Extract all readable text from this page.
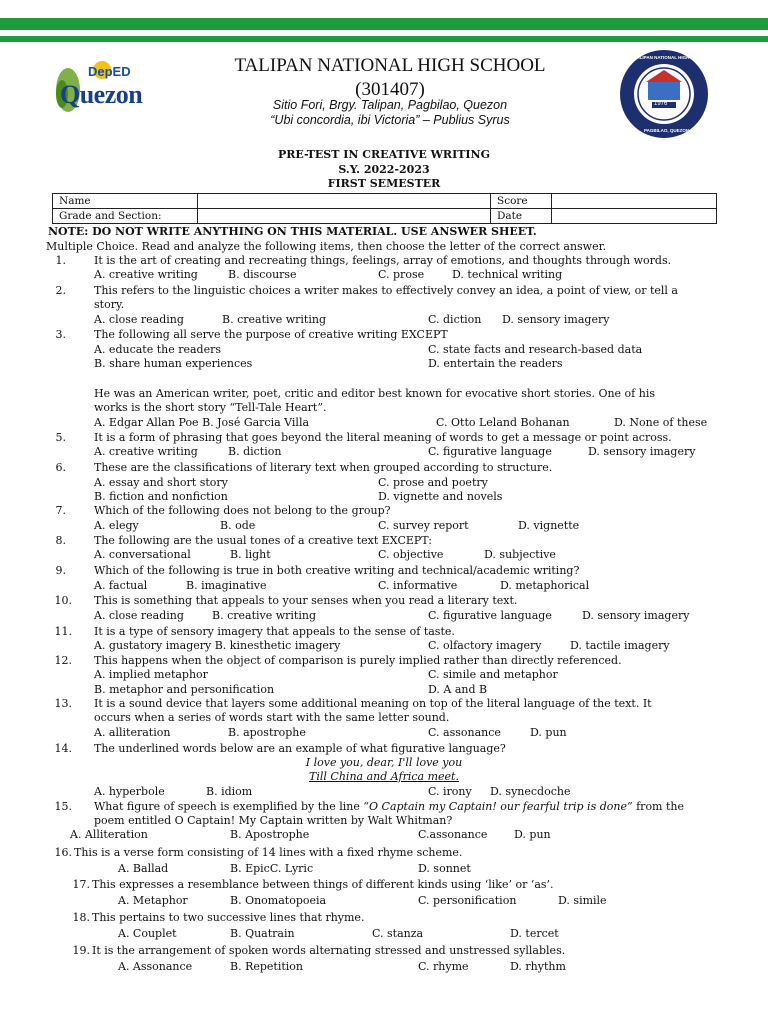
DepED
Quezon	1976
TALIPAN NATIONAL HIGH SCHOOL
PAGBILAO, QUEZON
TALIPAN NATIONAL HIGH SCHOOL
(301407)
Sitio Fori, Brgy. Talipan, Pagbilao, Quezon
“Ubi concordia, ibi Victoria” – Publius Syrus
PRE-TEST IN CREATIVE WRITING
S.Y. 2022-2023
FIRST SEMESTER
Name		Score	
Grade and Section:		Date	
NOTE: DO NOT WRITE ANYTHING ON THIS MATERIAL. USE ANSWER SHEET.
Multiple Choice. Read and analyze the following items, then choose the letter of the correct answer.
1.	It is the art of creating and recreating things, feelings, array of emotions, and thoughts through words.
A. creative writing	B. discourse	C. prose	D. technical writing
2.	This refers to the linguistic choices a writer makes to effectively convey an idea, a point of view, or tell a
story.
A. close reading	B. creative writing	C. diction D. sensory imagery
3.	The following all serve the purpose of creative writing EXCEPT
A. educate the readers	C. state facts and research-based data
B. share human experiences	D. entertain the readers
He was an American writer, poet, critic and editor best known for evocative short stories. One of his
works is the short story “Tell-Tale Heart”.
A. Edgar Allan Poe B. José Garcia Villa	C. Otto Leland Bohanan	D. None of these
5.	It is a form of phrasing that goes beyond the literal meaning of words to get a message or point across.
A. creative writing	B. diction	C. figurative language	D. sensory imagery
6.	These are the classifications of literary text when grouped according to structure.
A. essay and short story	C. prose and poetry
B. fiction and nonfiction	D. vignette and novels
7.	Which of the following does not belong to the group?
A. elegy	B. ode	C. survey report	D. vignette
8.	The following are the usual tones of a creative text EXCEPT:
A. conversational	B. light	C. objective	D. subjective
9.	Which of the following is true in both creative writing and technical/academic writing?
A. factual	B. imaginative	C. informative	D. metaphorical
10. This is something that appeals to your senses when you read a literary text.
A. close reading	B. creative writing	C. figurative language	D. sensory imagery
11. It is a type of sensory imagery that appeals to the sense of taste.
A. gustatory imagery B. kinesthetic imagery	C. olfactory imagery	D. tactile imagery
12. This happens when the object of comparison is purely implied rather than directly referenced.
A. implied metaphor	C. simile and metaphor
B. metaphor and personification	D. A and B
13. It is a sound device that layers some additional meaning on top of the literal language of the text. It
occurs when a series of words start with the same letter sound.
A. alliteration	B. apostrophe	C. assonance	D. pun
14. The underlined words below are an example of what figurative language?
I love you, dear, I'll love you
Till China and Africa meet.
A. hyperbole	B. idiom	C. irony D. synecdoche
15. What figure of speech is exemplified by the line “O Captain my Captain! our fearful trip is done” from the
poem entitled O Captain! My Captain written by Walt Whitman?
A. Alliteration	B. Apostrophe	C.assonance D. pun
16. This is a verse form consisting of 14 lines with a fixed rhyme scheme.
A. Ballad	B. EpicC. Lyric	D. sonnet
17. This expresses a resemblance between things of different kinds using ‘like’ or ‘as’.
A. Metaphor	B. Onomatopoeia	C. personification	D. simile
18. This pertains to two successive lines that rhyme.
A. Couplet	B. Quatrain	C. stanza	D. tercet
19. It is the arrangement of spoken words alternating stressed and unstressed syllables.
A. Assonance	B. Repetition	C. rhyme	D. rhythm
